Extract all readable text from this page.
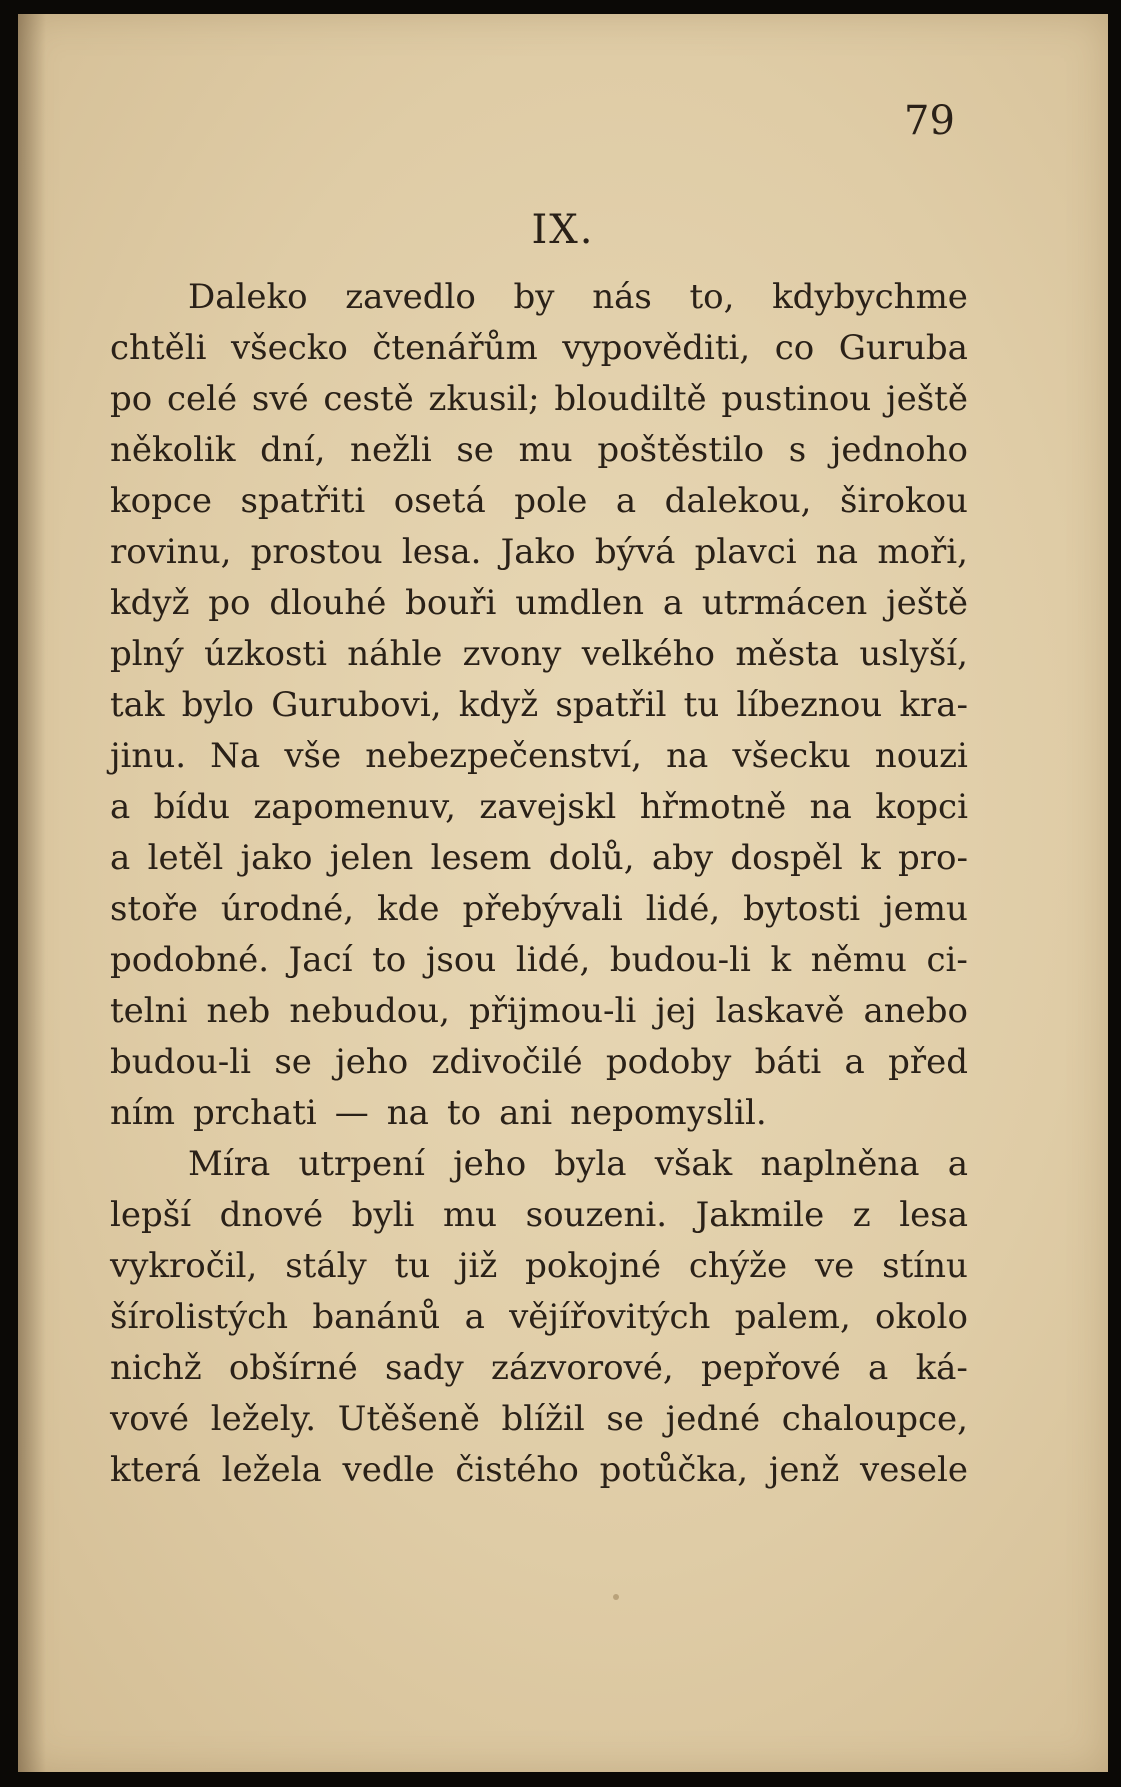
79
IX.
Daleko zavedlo by nás to, kdybychme
chtěli všecko čtenářům vypověditi, co Guruba
po celé své cestě zkusil; bloudiltě pustinou ještě
několik dní, nežli se mu poštěstilo s jednoho
kopce spatřiti osetá pole a dalekou, širokou
rovinu, prostou lesa. Jako bývá plavci na moři,
když po dlouhé bouři umdlen a utrmácen ještě
plný úzkosti náhle zvony velkého města uslyší,
tak bylo Gurubovi, když spatřil tu líbeznou kra-
jinu. Na vše nebezpečenství, na všecku nouzi
a bídu zapomenuv, zavejskl hřmotně na kopci
a letěl jako jelen lesem dolů, aby dospěl k pro-
stoře úrodné, kde přebývali lidé, bytosti jemu
podobné. Jací to jsou lidé, budou-li k němu ci-
telni neb nebudou, přijmou-li jej laskavě anebo
budou-li se jeho zdivočilé podoby báti a před
ním prchati — na to ani nepomyslil.
Míra utrpení jeho byla však naplněna a
lepší dnové byli mu souzeni. Jakmile z lesa
vykročil, stály tu již pokojné chýže ve stínu
šírolistých banánů a vějířovitých palem, okolo
nichž obšírné sady zázvorové, pepřové a ká-
vové ležely. Utěšeně blížil se jedné chaloupce,
která ležela vedle čistého potůčka, jenž vesele
